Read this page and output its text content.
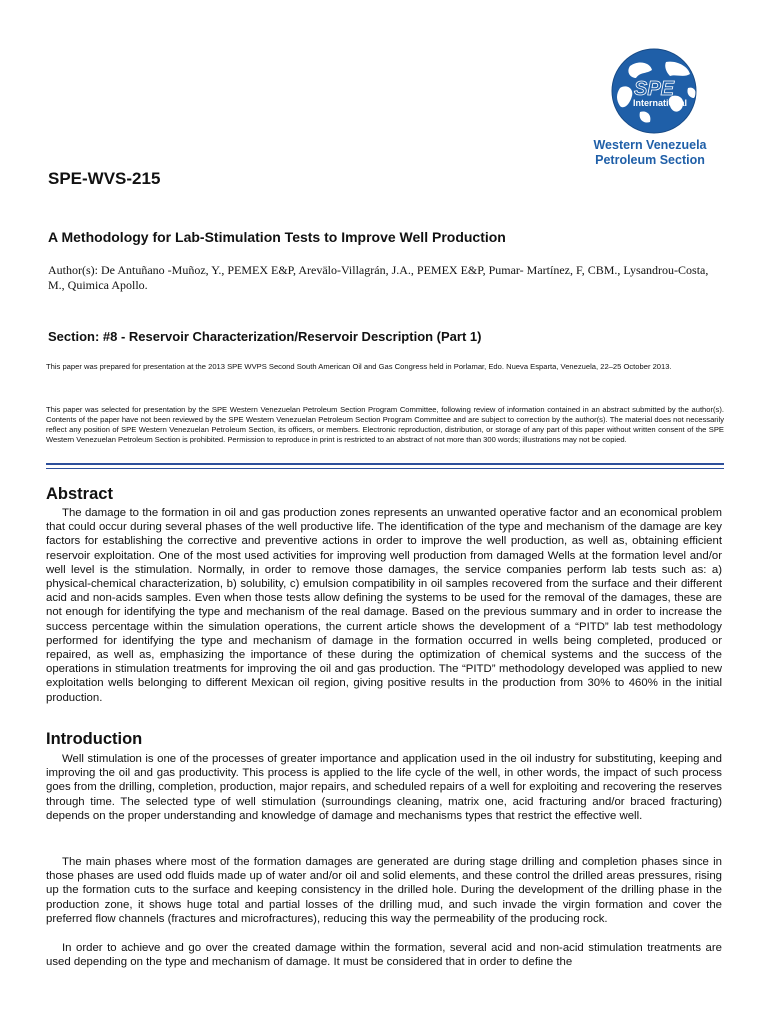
SPE
International
Western Venezuela
Petroleum Section
SPE-WVS-215
A Methodology for Lab-Stimulation Tests to Improve Well Production
Author(s): De Antuñano -Muñoz, Y., PEMEX E&P, Arevälo-Villagrán, J.A., PEMEX E&P, Pumar- Martínez, F, CBM., Lysandrou-Costa, M., Quimica Apollo.
Section: #8 - Reservoir Characterization/Reservoir Description (Part 1)
This paper was prepared for presentation at the 2013 SPE WVPS Second South American Oil and Gas Congress held in Porlamar, Edo. Nueva Esparta, Venezuela, 22–25 October 2013.
This paper was selected for presentation by the SPE Western Venezuelan Petroleum Section Program Committee, following review of information contained in an abstract submitted by the author(s). Contents of the paper have not been reviewed by the SPE Western Venezuelan Petroleum Section Program Committee and are subject to correction by the author(s). The material does not necessarily reflect any position of SPE Western Venezuelan Petroleum Section, its officers, or members. Electronic reproduction, distribution, or storage of any part of this paper without written consent of the SPE Western Venezuelan Petroleum Section is prohibited. Permission to reproduce in print is restricted to an abstract of not more than 300 words; illustrations may not be copied.
Abstract

The damage to the formation in oil and gas production zones represents an unwanted operative factor and an economical problem that could occur during several phases of the well productive life. The identification of the type and mechanism of the damage are key factors for establishing the corrective and preventive actions in order to improve the well production, as well as, obtaining efficient reservoir exploitation. One of the most used activities for improving well production from damaged Wells at the formation level and/or well level is the stimulation. Normally, in order to remove those damages, the service companies perform lab tests such as: a) physical-chemical characterization, b) solubility, c) emulsion compatibility in oil samples recovered from the surface and their different acid and non-acids samples. Even when those tests allow defining the systems to be used for the removal of the damages, these are not enough for identifying the type and mechanism of the real damage. Based on the previous summary and in order to increase the success percentage within the simulation operations, the current article shows the development of a “PITD” lab test methodology performed for identifying the type and mechanism of damage in the formation occurred in wells being completed, produced or repaired, as well as, emphasizing the importance of these during the optimization of chemical systems and the success of the operations in stimulation treatments for improving the oil and gas production. The “PITD” methodology developed was applied to new exploitation wells belonging to different Mexican oil region, giving positive results in the production from 30% to 460% in the initial production.

Introduction

Well stimulation is one of the processes of greater importance and application used in the oil industry for substituting, keeping and improving the oil and gas productivity. This process is applied to the life cycle of the well, in other words, the impact of such process goes from the drilling, completion, production, major repairs, and scheduled repairs of a well for exploiting and recovering the reserves through time. The selected type of well stimulation (surroundings cleaning, matrix one, acid fracturing and/or braced fracturing) depends on the proper understanding and knowledge of damage and mechanisms types that restrict the effective well.

The main phases where most of the formation damages are generated are during stage drilling and completion phases since in those phases are used odd fluids made up of water and/or oil and solid elements, and these control the drilled areas pressures, rising up the formation cuts to the surface and keeping consistency in the drilled hole. During the development of the drilling phase in the production zone, it shows huge total and partial losses of the drilling mud, and such invade the virgin formation and cover the preferred flow channels (fractures and microfractures), reducing this way the permeability of the producing rock.

In order to achieve and go over the created damage within the formation, several acid and non-acid stimulation treatments are used depending on the type and mechanism of damage. It must be considered that in order to define the
